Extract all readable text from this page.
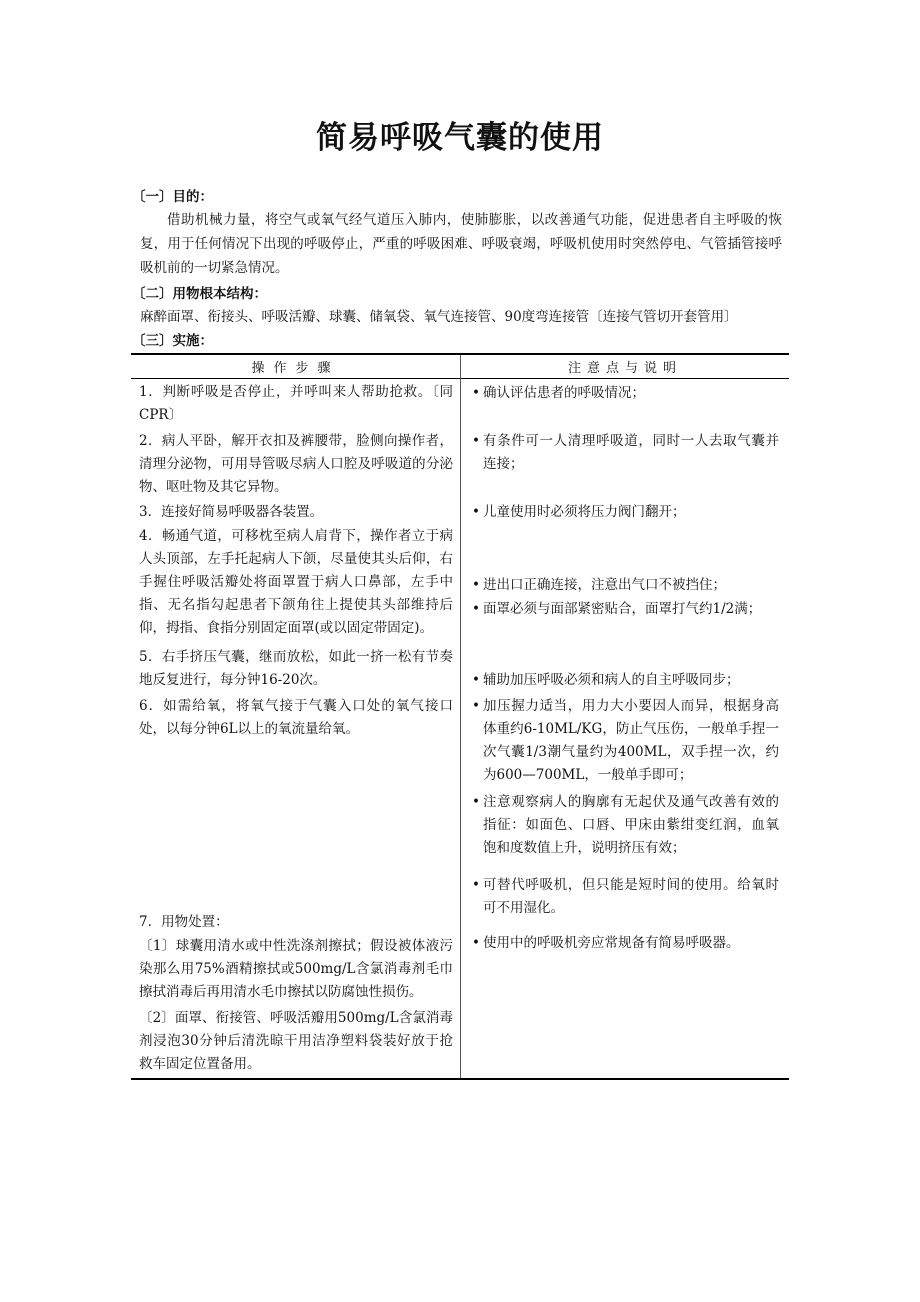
简易呼吸气囊的使用
〔一〕目的：

借助机械力量，将空气或氧气经气道压入肺内，使肺膨胀，以改善通气功能，促进患者自主呼吸的恢复，用于任何情况下出现的呼吸停止，严重的呼吸困难、呼吸衰竭，呼吸机使用时突然停电、气管插管接呼吸机前的一切紧急情况。

〔二〕用物根本结构：
麻醉面罩、衔接头、呼吸活瓣、球囊、储氧袋、氧气连接管、90度弯连接管〔连接气管切开套管用〕
〔三〕实施：
操作步骤	注意点与说明
1．判断呼吸是否停止，并呼叫来人帮助抢救。〔同CPR〕
2．病人平卧，解开衣扣及裤腰带，脸侧向操作者，清理分泌物，可用导管吸尽病人口腔及呼吸道的分泌物、呕吐物及其它异物。
3．连接好简易呼吸器各装置。
4．畅通气道，可移枕至病人肩背下，操作者立于病人头顶部，左手托起病人下颌，尽量使其头后仰，右手握住呼吸活瓣处将面罩置于病人口鼻部，左手中指、无名指勾起患者下颌角往上提使其头部维持后仰，拇指、食指分别固定面罩(或以固定带固定)。
5．右手挤压气囊，继而放松，如此一挤一松有节奏地反复进行，每分钟16-20次。
6．如需给氧，将氧气接于气囊入口处的氧气接口处，以每分钟6L以上的氧流量给氧。
7．用物处置：
〔1〕球囊用清水或中性洗涤剂擦拭；假设被体液污染那么用75%酒精擦拭或500mg/L含氯消毒剂毛巾擦拭消毒后再用清水毛巾擦拭以防腐蚀性损伤。
〔2〕面罩、衔接管、呼吸活瓣用500mg/L含氯消毒剂浸泡30分钟后清洗晾干用洁净塑料袋装好放于抢救车固定位置备用。
• 确认评估患者的呼吸情况；
• 有条件可一人清理呼吸道，同时一人去取气囊并连接；
• 儿童使用时必须将压力阀门翻开；
• 进出口正确连接，注意出气口不被挡住；
• 面罩必须与面部紧密贴合，面罩打气约1/2满；
• 辅助加压呼吸必须和病人的自主呼吸同步；
• 加压握力适当，用力大小要因人而异，根据身高体重约6-10ML/KG，防止气压伤，一般单手捏一次气囊1/3潮气量约为400ML，双手捏一次，约为600—700ML，一般单手即可；
• 注意观察病人的胸廓有无起伏及通气改善有效的指征：如面色、口唇、甲床由紫绀变红润，血氧饱和度数值上升，说明挤压有效；
• 可替代呼吸机，但只能是短时间的使用。给氧时可不用湿化。
• 使用中的呼吸机旁应常规备有简易呼吸器。
